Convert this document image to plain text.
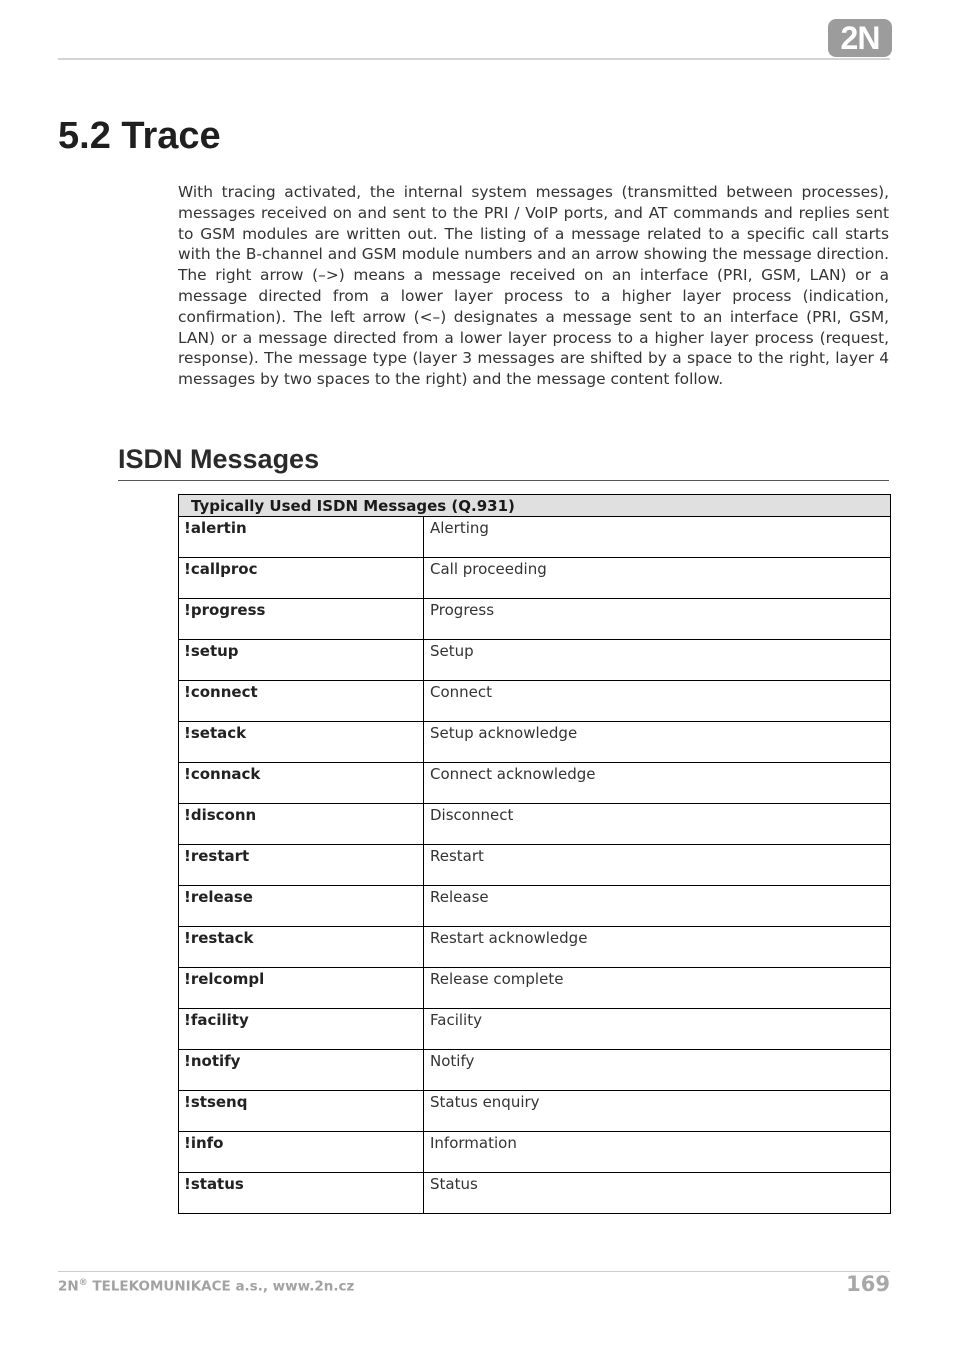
2N
5.2 Trace

With tracing activated, the internal system messages (transmitted between processes), messages received on and sent to the PRI / VoIP ports, and AT commands and replies sent to GSM modules are written out. The listing of a message related to a specific call starts with the B-channel and GSM module numbers and an arrow showing the message direction. The right arrow (–>) means a message received on an interface (PRI, GSM, LAN) or a message directed from a lower layer process to a higher layer process (indication, confirmation). The left arrow (<–) designates a message sent to an interface (PRI, GSM, LAN) or a message directed from a lower layer process to a higher layer process (request, response). The message type (layer 3 messages are shifted by a space to the right, layer 4 messages by two spaces to the right) and the message content follow.

ISDN Messages
Typically Used ISDN Messages (Q.931)	
!alertin	Alerting
!callproc	Call proceeding
!progress	Progress
!setup	Setup
!connect	Connect
!setack	Setup acknowledge
!connack	Connect acknowledge
!disconn	Disconnect
!restart	Restart
!release	Release
!restack	Restart acknowledge
!relcompl	Release complete
!facility	Facility
!notify	Notify
!stsenq	Status enquiry
!info	Information
!status	Status
2N® TELEKOMUNIKACE a.s., www.2n.cz	169
